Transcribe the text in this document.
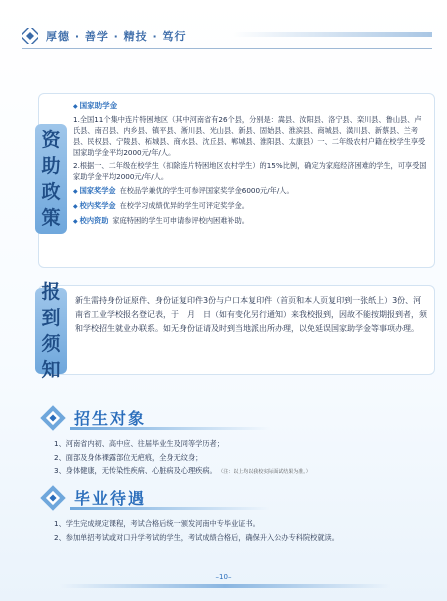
厚德 · 善学 · 精技 · 笃行
资
助
政
策
◆ 国家助学金
1.全国11个集中连片特困地区（其中河南省有26个县，分别是：嵩县、汝阳县、洛宁县、栾川县、鲁山县、卢氏县、南召县、内乡县、镇平县、淅川县、光山县、新县、固始县、淮滨县、商城县、潢川县、新蔡县、兰考县、民权县、宁陵县、柘城县、商水县、沈丘县、郸城县、淮阳县、太康县）一、二年级农村户籍在校学生享受国家助学金平均2000元/年/人。
2.根据一、二年级在校学生（扣除连片特困地区农村学生）的15%比例，确定为家庭经济困难的学生，可享受国家助学金平均2000元/年/人。
◆ 国家奖学金 在校品学兼优的学生可参评国家奖学金6000元/年/人。
◆ 校内奖学金 在校学习成绩优异的学生可评定奖学金。
◆ 校内资助 家庭特困的学生可申请参评校内困难补助。
报
到
须
知
新生需持身份证原件、身份证复印件3份与户口本复印件（首页和本人页复印到一张纸上）3份、河南省工业学校报名登记表，于　月　日（如有变化另行通知）来我校报到，因故不能按期报到者，须和学校招生就业办联系。如无身份证请及时到当地派出所办理，以免延误国家助学金等事项办理。
招生对象
1、河南省内初、高中应、往届毕业生及同等学历者；
2、面部及身体裸露部位无疤痕，全身无纹身；
3、身体健康，无传染性疾病、心脏病及心理疾病。 （注：以上均以我校实际面试结果为准。）
毕业待遇
1、学生完成规定课程，考试合格后统一颁发河南中专毕业证书。
2、参加单招考试或对口升学考试的学生，考试成绩合格后，确保升入公办专科院校就读。
–10–
